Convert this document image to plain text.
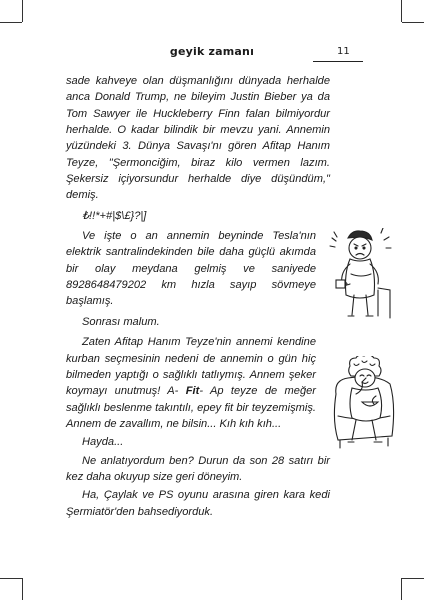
geyik zamanı	11

sade kahveye olan düşmanlığını dünyada herhalde anca Donald Trump, ne bileyim Justin Bieber ya da Tom Sawyer ile Huckleberry Finn falan bilmiyordur herhalde. O kadar bilindik bir mevzu yani. Annemin yüzündeki 3. Dünya Savaşı'nı gören Afitap Hanım Teyze, "Şermonciğim, biraz kilo vermen lazım. Şekersiz içiyorsundur herhalde diye düşündüm," demiş.

₺!!*+#|$\£}?|]

Ve işte o an annemin beyninde Tesla'nın elektrik santralindekinden bile daha güçlü akımda bir olay meydana gelmiş ve saniyede 8928648479202 km hızla sayıp sövmeye başlamış.

Sonrası malum.

Zaten Afitap Hanım Teyze'nin annemi kendine kurban seçmesinin nedeni de annemin o gün hiç bilmeden yaptığı o sağlıklı tatlıymış. Annem şeker koymayı unutmuş! A- Fit- Ap teyze de meğer sağlıklı beslenme takıntılı, epey fit bir teyzemişmiş. Annem de zavallım, ne bilsin... Kıh kıh kıh...

Hayda...

Ne anlatıyordum ben? Durun da son 28 satırı bir kez daha okuyup size geri döneyim.

Ha, Çaylak ve PS oyunu arasına giren kara kedi Şermiatör'den bahsediyorduk.
